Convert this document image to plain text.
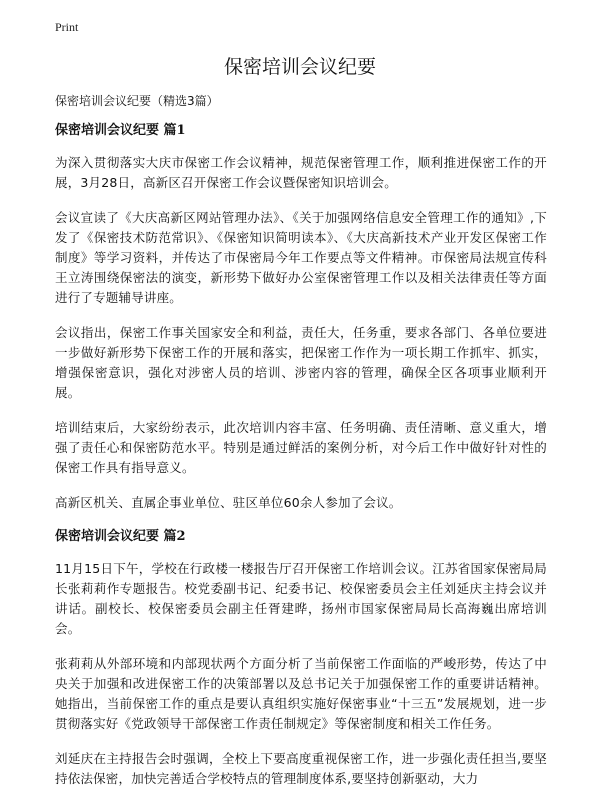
Print
保密培训会议纪要

保密培训会议纪要（精选3篇）

保密培训会议纪要 篇1

为深入贯彻落实大庆市保密工作会议精神，规范保密管理工作，顺利推进保密工作的开展，3月28日，高新区召开保密工作会议暨保密知识培训会。

会议宣读了《大庆高新区网站管理办法》、《关于加强网络信息安全管理工作的通知》,下发了《保密技术防范常识》、《保密知识简明读本》、《大庆高新技术产业开发区保密工作制度》等学习资料，并传达了市保密局今年工作要点等文件精神。市保密局法规宣传科王立涛围绕保密法的演变，新形势下做好办公室保密管理工作以及相关法律责任等方面进行了专题辅导讲座。

会议指出，保密工作事关国家安全和利益，责任大，任务重，要求各部门、各单位要进一步做好新形势下保密工作的开展和落实，把保密工作作为一项长期工作抓牢、抓实，增强保密意识，强化对涉密人员的培训、涉密内容的管理，确保全区各项事业顺利开展。

培训结束后，大家纷纷表示，此次培训内容丰富、任务明确、责任清晰、意义重大，增强了责任心和保密防范水平。特别是通过鲜活的案例分析，对今后工作中做好针对性的保密工作具有指导意义。

高新区机关、直属企事业单位、驻区单位60余人参加了会议。

保密培训会议纪要 篇2

11月15日下午，学校在行政楼一楼报告厅召开保密工作培训会议。江苏省国家保密局局长张莉莉作专题报告。校党委副书记、纪委书记、校保密委员会主任刘延庆主持会议并讲话。副校长、校保密委员会副主任胥建晔，扬州市国家保密局局长高海巍出席培训会。

张莉莉从外部环境和内部现状两个方面分析了当前保密工作面临的严峻形势，传达了中央关于加强和改进保密工作的决策部署以及总书记关于加强保密工作的重要讲话精神。她指出，当前保密工作的重点是要认真组织实施好保密事业“十三五”发展规划，进一步贯彻落实好《党政领导干部保密工作责任制规定》等保密制度和相关工作任务。

刘延庆在主持报告会时强调，全校上下要高度重视保密工作，进一步强化责任担当,要坚持依法保密，加快完善适合学校特点的管理制度体系,要坚持创新驱动，大力
